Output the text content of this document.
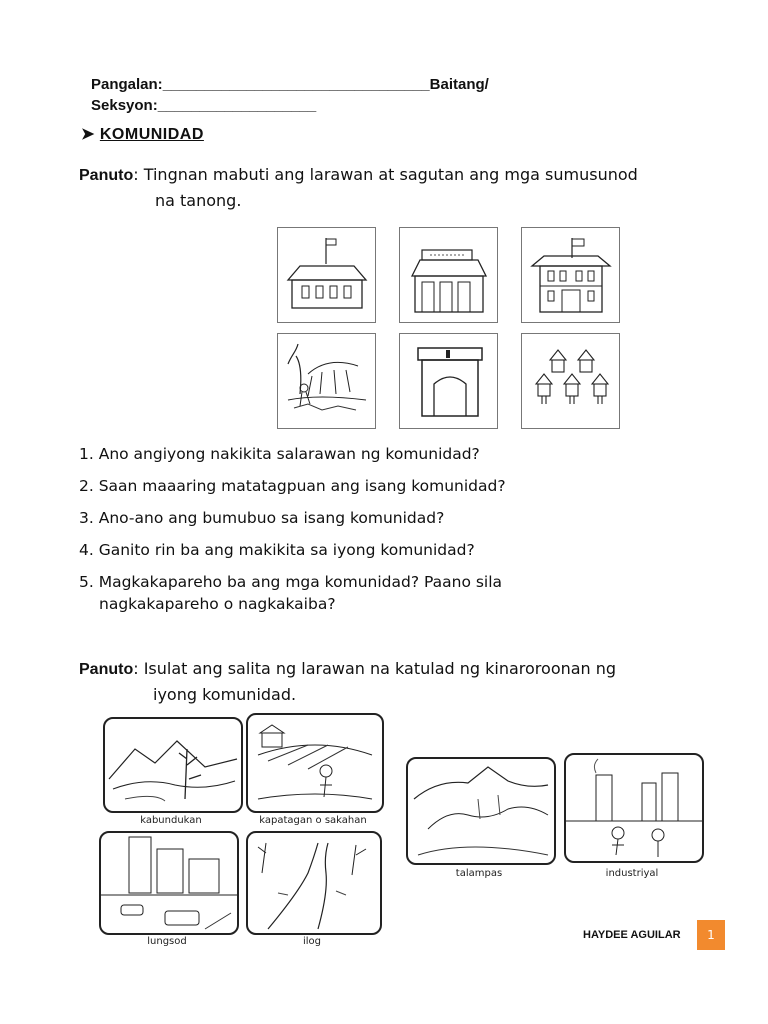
Pangalan:________________________________Baitang/
Seksyon:___________________
➤ KOMUNIDAD
Panuto: Tingnan mabuti ang larawan at sagutan ang mga sumusunod
na tanong.
1. Ano angiyong nakikita salarawan ng komunidad?
2. Saan maaaring matatagpuan ang isang komunidad?
3. Ano-ano ang bumubuo sa isang komunidad?
4. Ganito rin ba ang makikita sa iyong komunidad?
5. Magkakapareho ba ang mga komunidad? Paano sila
nagkakapareho o nagkakaiba?
Panuto: Isulat ang salita ng larawan na katulad ng kinaroroonan ng
iyong komunidad.
kabundukan	kapatagan o sakahan
lungsod	ilog
talampas	industriyal
HAYDEE AGUILAR	1
